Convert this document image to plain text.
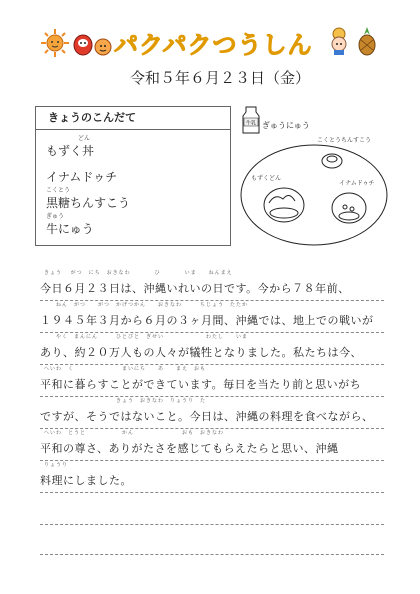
パクパクつうしん
令和５年６月２３日（金）
きょうのこんだて
どん
もずく丼
イナムドゥチ
こくとう
黒糖ちんすこう
ぎゅう
牛にゅう
牛乳 ぎゅうにゅう
こくとうちんすこう
もずくどん
イナムドゥチ
きょう　 がつ　にち　おきなわ　　　　ひ　　　　いま　　ねんまえ
今日６月２３日は、沖縄いれいの日です。今から７８年前、
　　ねん　がつ　　がつ　かげつかん　　おきなわ　　　ちじょう　たたか
１９４５年３月から６月の３ヶ月間、沖縄では、地上での戦いが
　　やく　まんにん　　　ひとびと　ぎせい　　　　　　　わたし　　いま
あり、約２０万人もの人々が犠牲となりました。私たちは今、
へいわ　く　　　　　　　　まいにち　　あ　　まえ　おも
平和に暮らすことができています。毎日を当たり前と思いがち
　　　　　　　　　　　　きょう　おきなわ　りょうり　た
ですが、そうではないこと。今日は、沖縄の料理を食べながら、
へいわ　とうと　　　　　　かん　　　　　　　　おも　おきなわ
平和の尊さ、ありがたさを感じてもらえたらと思い、沖縄
りょうり
料理にしました。
